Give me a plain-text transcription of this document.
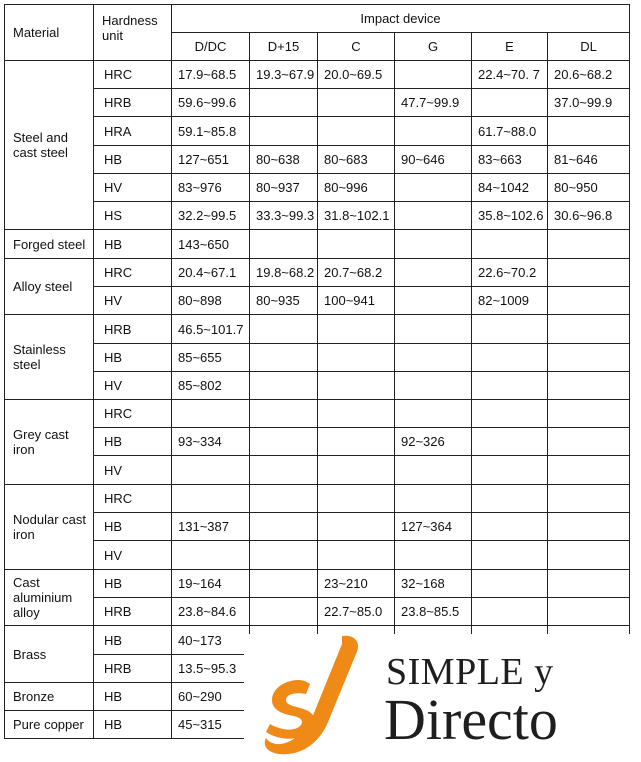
Material	Hardness unit	Impact device					
		D/DC	D+15	C	G	E	DL
Steel and cast steel	HRC	17.9~68.5	19.3~67.9	20.0~69.5		22.4~70. 7	20.6~68.2
	HRB	59.6~99.6			47.7~99.9		37.0~99.9
	HRA	59.1~85.8				61.7~88.0	
	HB	127~651	80~638	80~683	90~646	83~663	81~646
	HV	83~976	80~937	80~996		84~1042	80~950
	HS	32.2~99.5	33.3~99.3	31.8~102.1		35.8~102.6	30.6~96.8
Forged steel	HB	143~650					
Alloy steel	HRC	20.4~67.1	19.8~68.2	20.7~68.2		22.6~70.2	
	HV	80~898	80~935	100~941		82~1009	
Stainless steel	HRB	46.5~101.7					
	HB	85~655					
	HV	85~802					
Grey cast iron	HRC						
	HB	93~334			92~326		
	HV						
Nodular cast iron	HRC						
	HB	131~387			127~364		
	HV						
Cast aluminium alloy	HB	19~164		23~210	32~168		
	HRB	23.8~84.6		22.7~85.0	23.8~85.5		
Brass	HB	40~173					
	HRB	13.5~95.3					
Bronze	HB	60~290					
Pure copper	HB	45~315					
SIMPLE y
Directo
